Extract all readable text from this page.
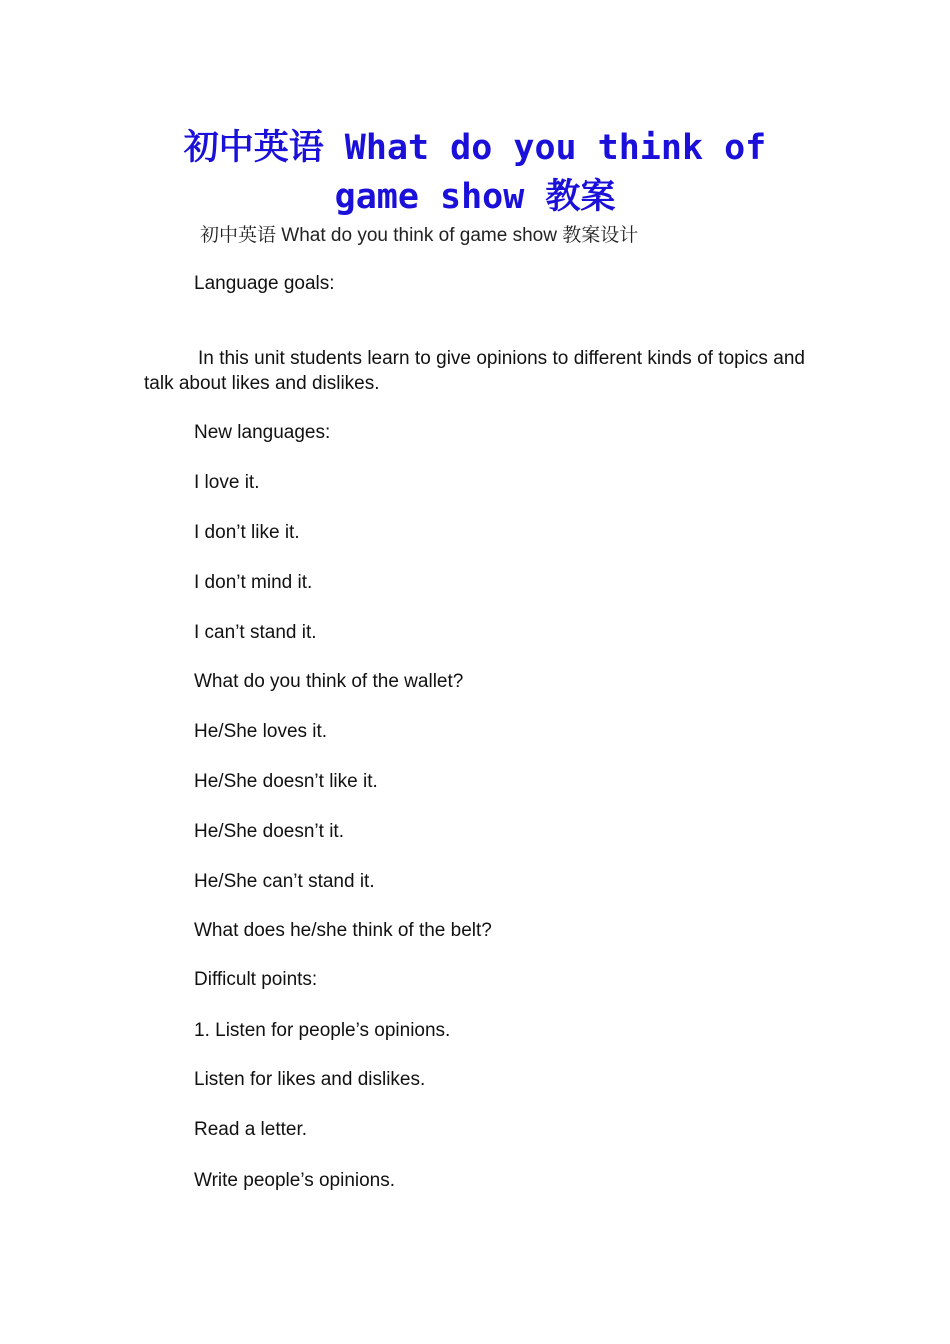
初中英语 What do you think of game show 教案
初中英语 What do you think of game show 教案设计
Language goals:
In this unit students learn to give opinions to different kinds of topics and talk about likes and dislikes.
New languages:
I love it.
I don’t like it.
I don’t mind it.
I can’t stand it.
What do you think of the wallet?
He/She loves it.
He/She doesn’t like it.
He/She doesn’t it.
He/She can’t stand it.
What does he/she think of the belt?
Difficult points:
1. Listen for people’s opinions.
Listen for likes and dislikes.
Read a letter.
Write people’s opinions.
